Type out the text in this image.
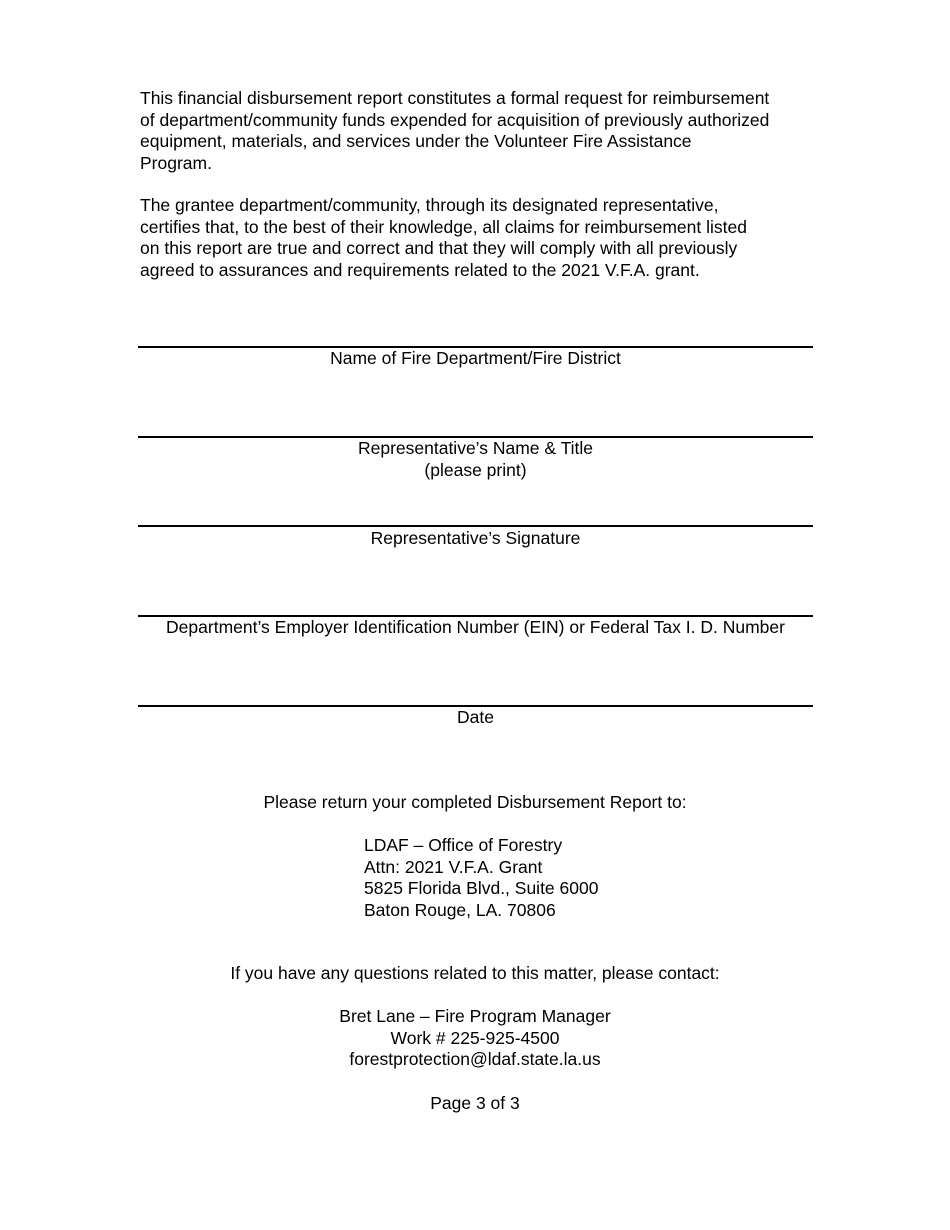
This financial disbursement report constitutes a formal request for reimbursement
of department/community funds expended for acquisition of previously authorized
equipment, materials, and services under the Volunteer Fire Assistance
Program.
The grantee department/community, through its designated representative,
certifies that, to the best of their knowledge, all claims for reimbursement listed
on this report are true and correct and that they will comply with all previously
agreed to assurances and requirements related to the 2021 V.F.A. grant.
Name of Fire Department/Fire District
Representative’s Name & Title
(please print)
Representative’s Signature
Department’s Employer Identification Number (EIN) or Federal Tax I. D. Number
Date
Please return your completed Disbursement Report to:
LDAF – Office of Forestry
Attn: 2021 V.F.A. Grant
5825 Florida Blvd., Suite 6000
Baton Rouge, LA. 70806
If you have any questions related to this matter, please contact:
Bret Lane – Fire Program Manager
Work # 225-925-4500
forestprotection@ldaf.state.la.us
Page 3 of 3
